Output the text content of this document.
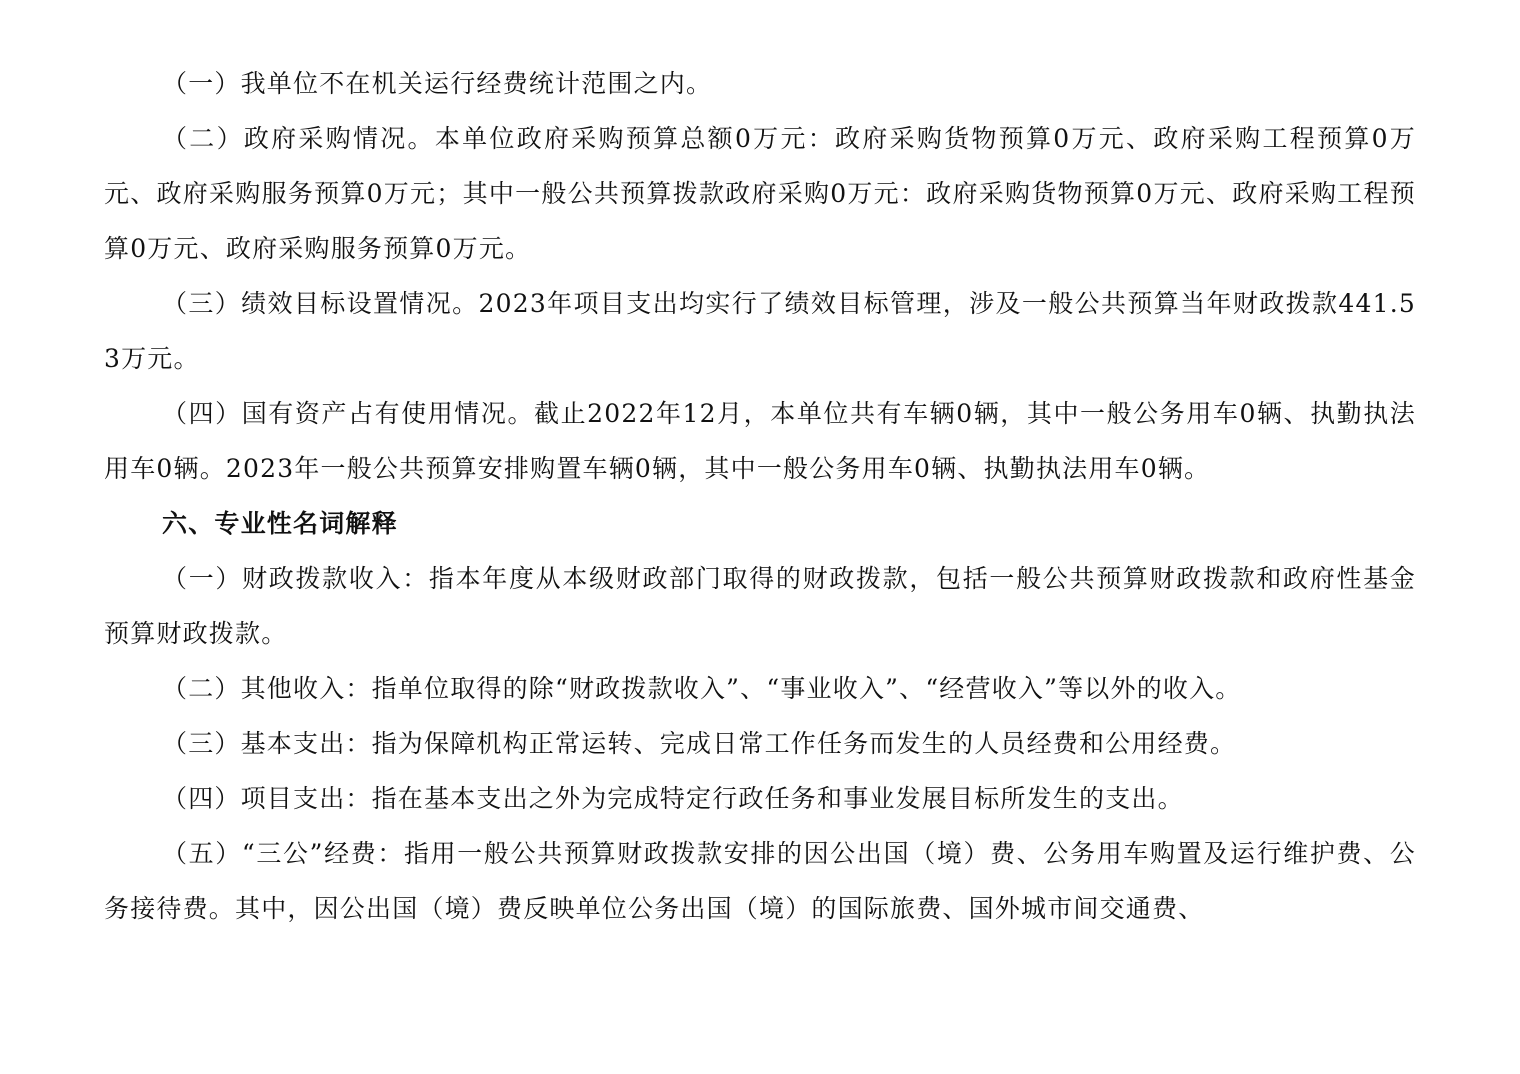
（一）我单位不在机关运行经费统计范围之内。

（二）政府采购情况。本单位政府采购预算总额0万元：政府采购货物预算0万元、政府采购工程预算0万元、政府采购服务预算0万元；其中一般公共预算拨款政府采购0万元：政府采购货物预算0万元、政府采购工程预算0万元、政府采购服务预算0万元。

（三）绩效目标设置情况。2023年项目支出均实行了绩效目标管理，涉及一般公共预算当年财政拨款441.53万元。

（四）国有资产占有使用情况。截止2022年12月，本单位共有车辆0辆，其中一般公务用车0辆、执勤执法用车0辆。2023年一般公共预算安排购置车辆0辆，其中一般公务用车0辆、执勤执法用车0辆。

六、专业性名词解释

（一）财政拨款收入：指本年度从本级财政部门取得的财政拨款，包括一般公共预算财政拨款和政府性基金预算财政拨款。

（二）其他收入：指单位取得的除“财政拨款收入”、“事业收入”、“经营收入”等以外的收入。

（三）基本支出：指为保障机构正常运转、完成日常工作任务而发生的人员经费和公用经费。

（四）项目支出：指在基本支出之外为完成特定行政任务和事业发展目标所发生的支出。

（五）“三公”经费：指用一般公共预算财政拨款安排的因公出国（境）费、公务用车购置及运行维护费、公务接待费。其中，因公出国（境）费反映单位公务出国（境）的国际旅费、国外城市间交通费、
